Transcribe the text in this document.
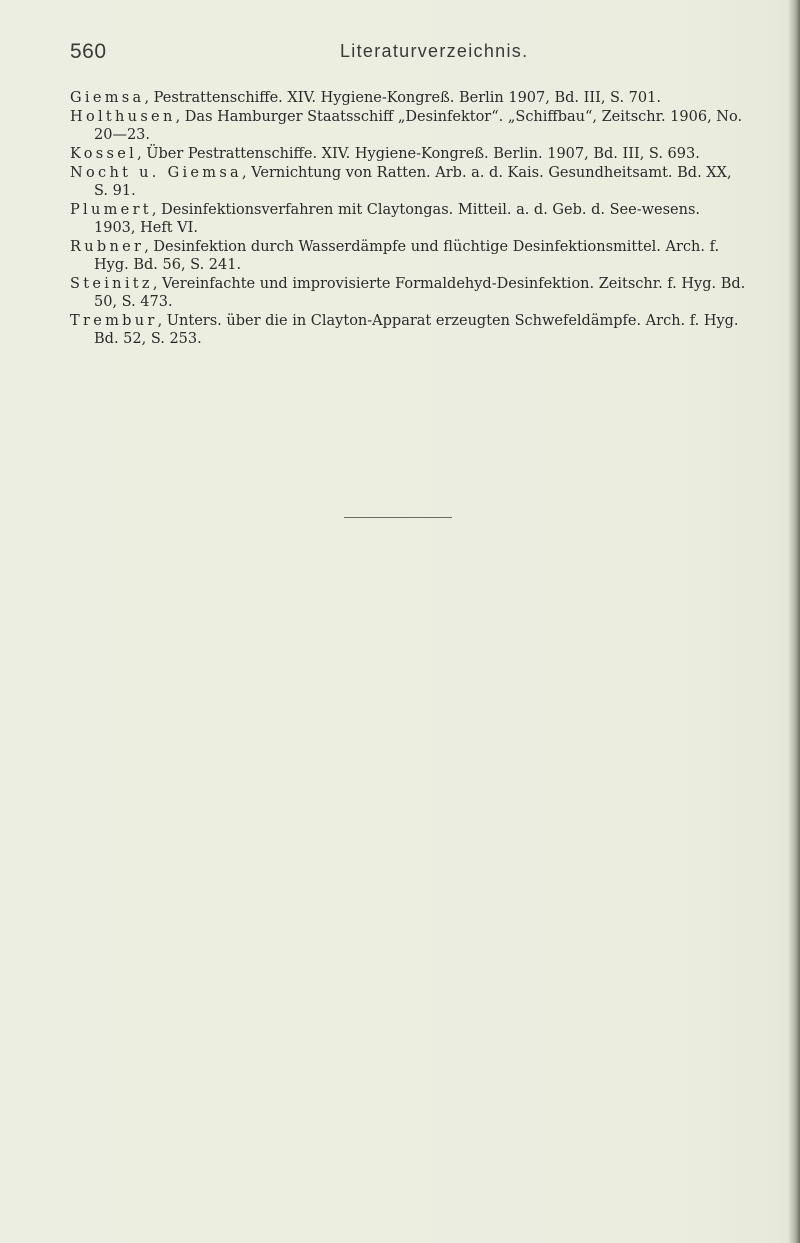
560	Literaturverzeichnis.
Giemsa, Pestrattenschiffe. XIV. Hygiene-Kongreß. Berlin 1907, Bd. III, S. 701.
Holthusen, Das Hamburger Staatsschiff „Desinfektor“. „Schiffbau“, Zeitschr. 1906, No. 20—23.
Kossel, Über Pestrattenschiffe. XIV. Hygiene-Kongreß. Berlin. 1907, Bd. III, S. 693.
Nocht u. Giemsa, Vernichtung von Ratten. Arb. a. d. Kais. Gesundheitsamt. Bd. XX, S. 91.
Plumert, Desinfektionsverfahren mit Claytongas. Mitteil. a. d. Geb. d. See-wesens. 1903, Heft VI.
Rubner, Desinfektion durch Wasserdämpfe und flüchtige Desinfektionsmittel. Arch. f. Hyg. Bd. 56, S. 241.
Steinitz, Vereinfachte und improvisierte Formaldehyd-Desinfektion. Zeitschr. f. Hyg. Bd. 50, S. 473.
Trembur, Unters. über die in Clayton-Apparat erzeugten Schwefeldämpfe. Arch. f. Hyg. Bd. 52, S. 253.
